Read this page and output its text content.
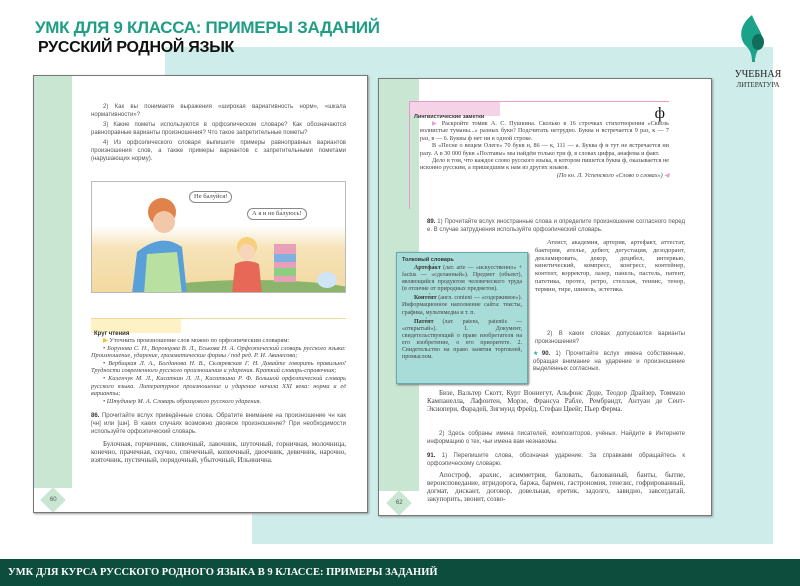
УМК ДЛЯ 9 КЛАССА: ПРИМЕРЫ ЗАДАНИЙ
РУССКИЙ РОДНОЙ ЯЗЫК
УЧЕБНАЯ
ЛИТЕРАТУРА
60

2) Как вы понимаете выражения «широкая вариативность норм», «шкала нормативности»?

3) Какие пометы используются в орфоэпическом словаре? Как обозначаются равноправные варианты произношения? Что такое запретительные пометы?

4) Из орфоэпического словаря выпишите примеры равноправных вариантов произношения слов, а также примеры вариантов с запретительными пометами (нарушающих норму).

Не балу́йся!
А я и не ба́луюсь!
Круг чтения

▶ Уточнить произношение слов можно по орфоэпическим словарям:

• Борунова С. Н., Воронцова В. Л., Еськова Н. А. Орфоэпический словарь русского языка: Произношение, ударение, грамматические формы / под ред. Р. И. Аванесова;

• Вербицкая Л. А., Богданова Н. В., Скляревская Г. Н. Давайте говорить правильно! Трудности современного русского произношения и ударения. Краткий словарь-справочник;

• Каленчук М. Л., Касаткин Л. Л., Касаткина Р. Ф. Большой орфоэпический словарь русского языка. Литературное произношение и ударение начала XXI века: норма и её варианты;

• Штудинер М. А. Словарь образцового русского ударения.

86. Прочитайте вслух приведённые слова. Обратите внимание на произношение чн как [чн] или [шн]. В каких случаях возможно двоякое произношение? При необходимости используйте орфоэпический словарь.

Булочная, горчичник, сливочный, лавочник, шуточный, горничная, молочница, конечно, прачечная, скучно, спичечный, копеечный, двоечник, девичник, нарочно, взяточник, пустячный, порядочный, убыточный, Ильинична.

62
Лингвистические заметки	ф

▶ Раскройте томик А. С. Пушкина. Сколько в 16 строчках стихотворения «Сквозь волнистые туманы...» разных букв? Подсчитать нетрудно. Буква и встречается 9 раз, к — 7 раз, в — 6. Буквы ф нет ни в одной строке.

В «Песне о вещем Олеге» 70 букв н, 86 — к, 111 — а. Буква ф и тут не встречается ни разу. А в 30 000 букв «Полтавы» мы найдём только три ф, в словах цифра, анафема и факт.

Дело в том, что каждое слово русского языка, в котором пишется буква ф, оказывается не исконно русским, а пришедшим к нам из других языков.

(По кн. Л. Успенского «Слово о словах») ◀

89. 1) Прочитайте вслух иностранные слова и определите произношение согласного перед е. В случае затруднения используйте орфоэпический словарь.

Атеист, академия, артерия, артефакт, аттестат, бактерия, ателье, дебют, дегустация, дезодорант, декламировать, декор, децибел, интервью, кинетический, компресс, конгресс, контейнер, контент, корректор, лазер, панель, пастель, патент, патетика, протез, ретро, стеллаж, теннис, тенор, термин, тире, шинель, эстетика.

2) В каких словах допускаются варианты произношения?

★90. 1) Прочитайте вслух имена собственные, обращая внимание на ударение и произношение выделенных согласных.

Бизе, Вальтер Скотт, Курт Воннегут, Альфонс Доде, Теодор Драйзер, Томмазо Кампанелла, Лафонтен, Морзе, Франсуа Рабле, Рембрандт, Антуан де Сент-Экзюпери, Фарадей, Зигмунд Фрейд, Стефан Цвейг, Пьер Ферма.

2) Здесь собраны имена писателей, композиторов, учёных. Найдите в Интернете информацию о тех, чьи имена вам незнакомы.

91. 1) Перепишите слова, обозначая ударение. За справками обращайтесь к орфоэпическому словарю.

Апостроф, арахис, асимметрия, баловать, балованный, банты, бытие, вероисповедание, втридорога, баржа, бармен, гастрономия, генезис, гофрированный, догмат, дискант, договор, довельная, еретик, задолго, завидно, завсегдатай, закупорить, звонит, созво-

Толковый словарь

Артефа́кт (лат. arte — «искусственно» + factus — «сделанный»). Предмет (объект), являющийся продуктом человеческого труда (в отличие от природных предметов).

Конте́нт (англ. content — «содержимое»). Информационное наполнение сайта: тексты, графика, мультимедиа и т. п.

Пате́нт (лат. patens, patentis — «открытый»). 1. Документ, свидетельствующий о праве изобретателя на его изобретение, о его приоритете. 2. Свидетельство на право занятия торговлей, промыслом.

УМК ДЛЯ КУРСА РУССКОГО РОДНОГО ЯЗЫКА В 9 КЛАССЕ: ПРИМЕРЫ ЗАДАНИЙ
